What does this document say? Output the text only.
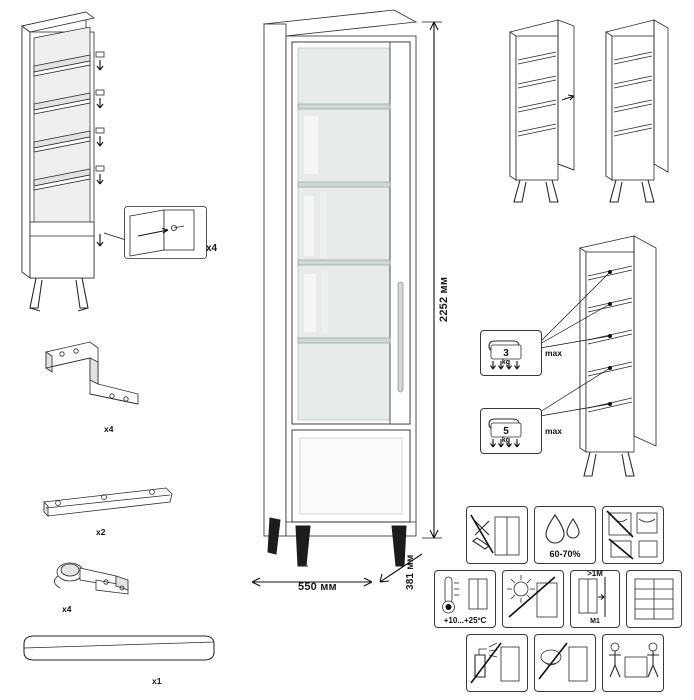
x4
x4
x2
x4
x1
2252 мм
550 мм	381 мм
3
kg
max
5
kg
max
60-70%
+10...+25ºC	M1
>1M
